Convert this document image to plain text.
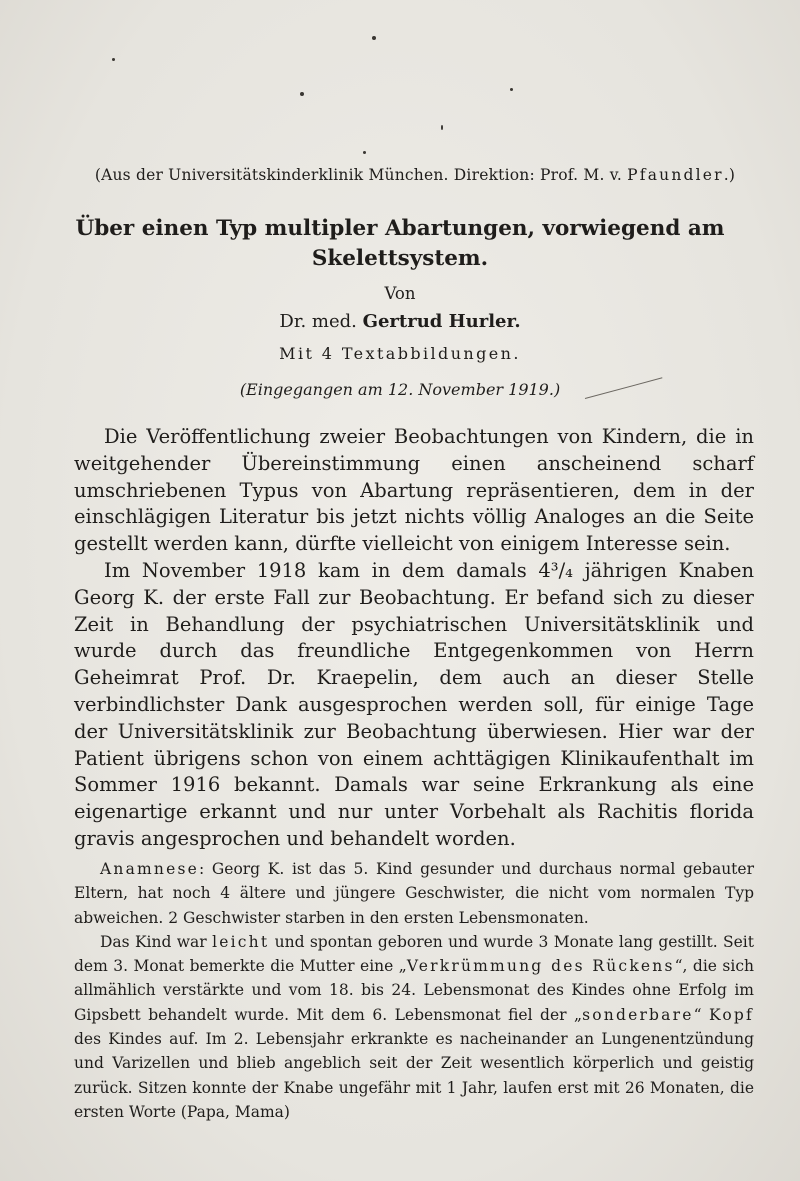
(Aus der Universitätskinderklinik München. Direktion: Prof. M. v. Pfaundler.)
Über einen Typ multipler Abartungen, vorwiegend am
Skelettsystem.
Von
Dr. med. Gertrud Hurler.
Mit 4 Textabbildungen.
(Eingegangen am 12. November 1919.)

Die Veröffentlichung zweier Beobachtungen von Kindern, die in weitgehender Übereinstimmung einen anscheinend scharf umschriebenen Typus von Abartung repräsentieren, dem in der einschlägigen Literatur bis jetzt nichts völlig Analoges an die Seite gestellt werden kann, dürfte vielleicht von einigem Interesse sein.

Im November 1918 kam in dem damals 4³/₄ jährigen Knaben Georg K. der erste Fall zur Beobachtung. Er befand sich zu dieser Zeit in Behandlung der psychiatrischen Universitätsklinik und wurde durch das freundliche Entgegenkommen von Herrn Geheimrat Prof. Dr. Kraepelin, dem auch an dieser Stelle verbindlichster Dank ausgesprochen werden soll, für einige Tage der Universitätsklinik zur Beobachtung überwiesen. Hier war der Patient übrigens schon von einem achttägigen Klinikaufenthalt im Sommer 1916 bekannt. Damals war seine Erkrankung als eine eigenartige erkannt und nur unter Vorbehalt als Rachitis florida gravis angesprochen und behandelt worden.

Anamnese: Georg K. ist das 5. Kind gesunder und durchaus normal gebauter Eltern, hat noch 4 ältere und jüngere Geschwister, die nicht vom normalen Typ abweichen. 2 Geschwister starben in den ersten Lebensmonaten.

Das Kind war leicht und spontan geboren und wurde 3 Monate lang gestillt. Seit dem 3. Monat bemerkte die Mutter eine „Verkrümmung des Rückens“, die sich allmählich verstärkte und vom 18. bis 24. Lebensmonat des Kindes ohne Erfolg im Gipsbett behandelt wurde. Mit dem 6. Lebensmonat fiel der „sonderbare“ Kopf des Kindes auf. Im 2. Lebensjahr erkrankte es nacheinander an Lungenentzündung und Varizellen und blieb angeblich seit der Zeit wesentlich körperlich und geistig zurück. Sitzen konnte der Knabe ungefähr mit 1 Jahr, laufen erst mit 26 Monaten, die ersten Worte (Papa, Mama)
